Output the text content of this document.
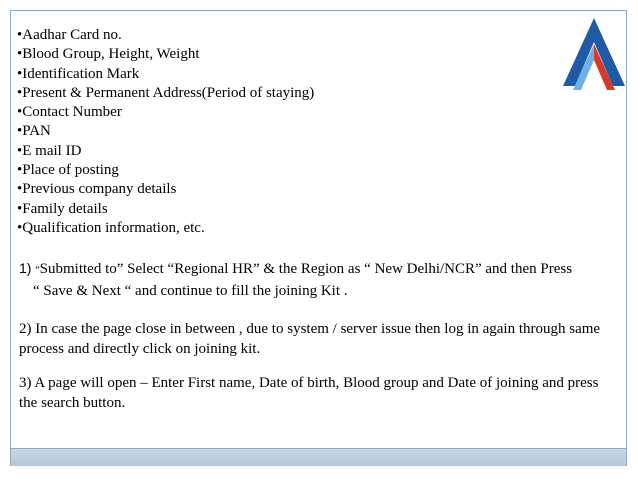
•Aadhar Card no.
•Blood Group, Height, Weight
•Identification Mark
•Present & Permanent Address(Period of staying)
•Contact Number
•PAN
•E mail ID
•Place of posting
•Previous company details
•Family details
•Qualification information, etc.

1) “Submitted to” Select “Regional HR” & the Region as “ New Delhi/NCR” and then Press
“ Save & Next “ and continue to fill the joining Kit .

2) In case the page close in between , due to system / server issue then log in again through same process and directly click on joining kit.

3) A page will open – Enter First name, Date of birth, Blood group and Date of joining and press the search button.
